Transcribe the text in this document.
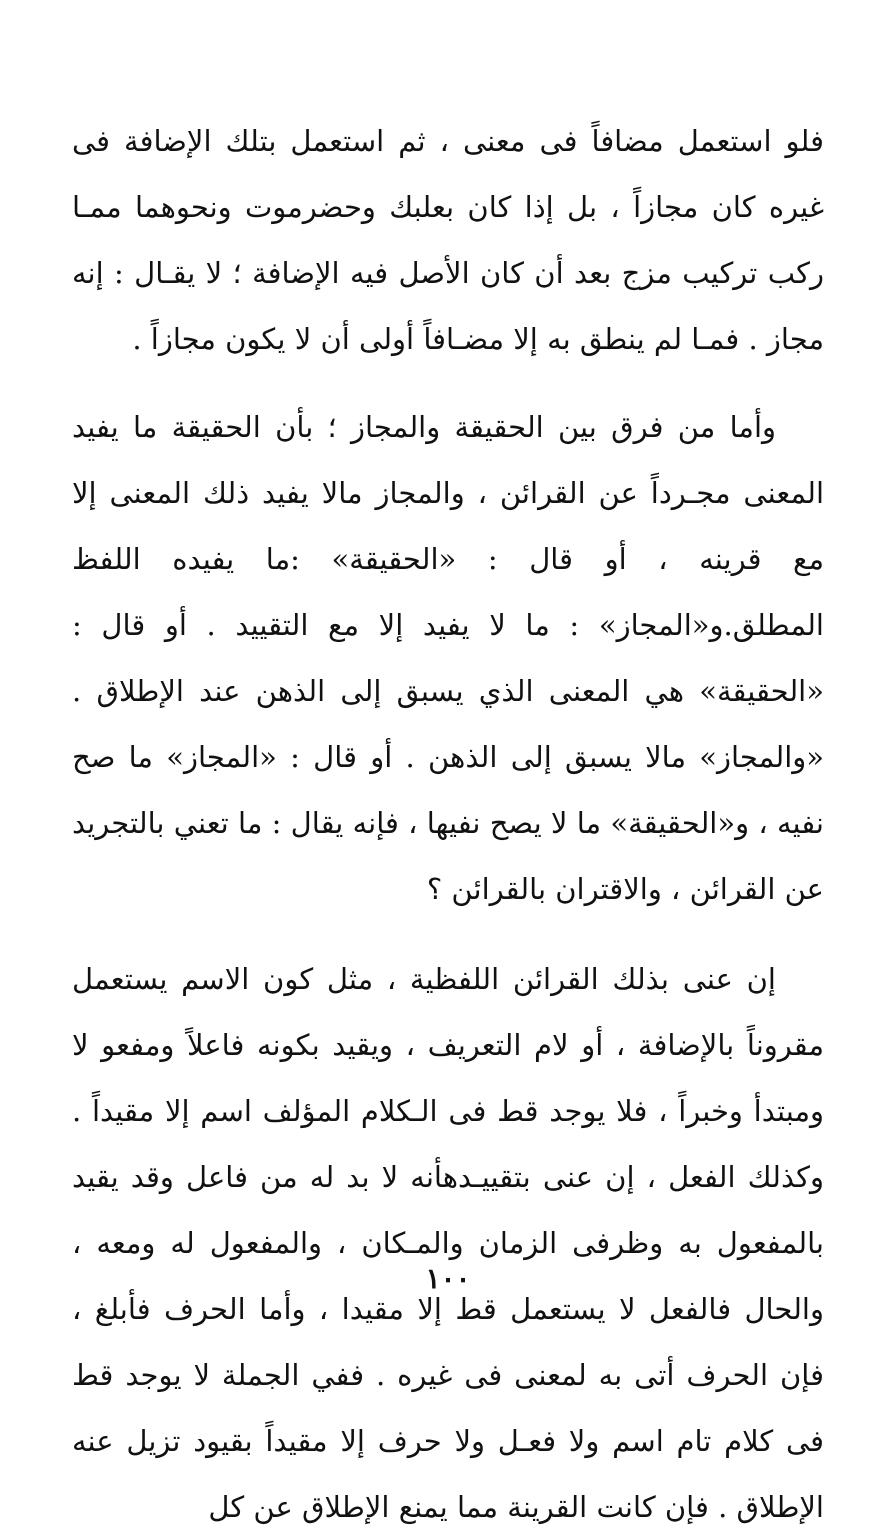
فلو استعمل مضافاً فى معنى ، ثم استعمل بتلك الإضافة فى غيره كان مجازاً ، بل إذا كان بعلبك وحضرموت ونحوهما ممـا ركب تركيب مزج بعد أن كان الأصل فيه الإضافة ؛ لا يقـال : إنه مجاز . فمـا لم ينطق به إلا مضـافاً أولى أن لا يكون مجازاً .

وأما من فرق بين الحقيقة والمجاز ؛ بأن الحقيقة ما يفيد المعنى مجـرداً عن القرائن ، والمجاز مالا يفيد ذلك المعنى إلا مع قرينه ، أو قال : «الحقيقة» :ما يفيده اللفظ المطلق.و«المجاز» : ما لا يفيد إلا مع التقييد . أو قال : «الحقيقة» هي المعنى الذي يسبق إلى الذهن عند الإطلاق . «والمجاز» مالا يسبق إلى الذهن . أو قال : «المجاز» ما صح نفيه ، و«الحقيقة» ما لا يصح نفيها ، فإنه يقال : ما تعني بالتجريد عن القرائن ، والاقتران بالقرائن ؟

إن عنى بذلك القرائن اللفظية ، مثل كون الاسم يستعمل مقروناً بالإضافة ، أو لام التعريف ، ويقيد بكونه فاعلاً ومفعو لا ومبتدأ وخبراً ، فلا يوجد قط فى الـكلام المؤلف اسم إلا مقيداً . وكذلك الفعل ، إن عنى بتقييـدهأنه لا بد له من فاعل وقد يقيد بالمفعول به وظرفى الزمان والمـكان ، والمفعول له ومعه ، والحال فالفعل لا يستعمل قط إلا مقيدا ، وأما الحرف فأبلغ ، فإن الحرف أتى به لمعنى فى غيره . ففي الجملة لا يوجد قط فى كلام تام اسم ولا فعـل ولا حرف إلا مقيداً بقيود تزيل عنه الإطلاق . فإن كانت القرينة مما يمنع الإطلاق عن كل

١٠٠
